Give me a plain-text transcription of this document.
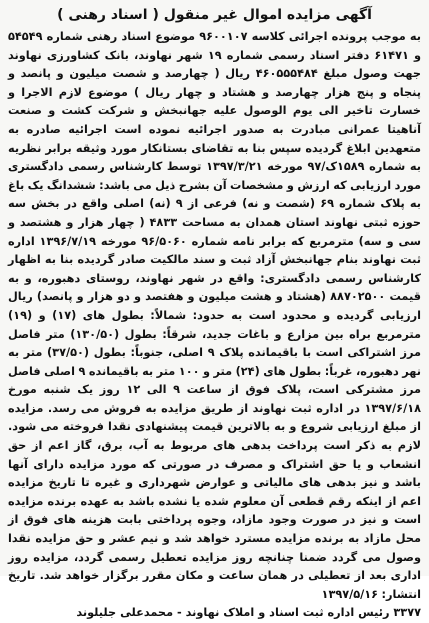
آگهی مزایده اموال غیر منقول ( اسناد رهنی )

به موجب پرونده اجرائی کلاسه ۹۶۰۰۱۰۷ موضوع اسناد رهنی شماره ۵۴۵۴۹ و ۶۱۴۷۱ دفتر اسناد رسمی شماره ۱۹ شهر نهاوند، بانک کشاورزی نهاوند جهت وصول مبلغ ۴۶۰۵۵۵۴۸۴ ریال ( چهارصد و شصت میلیون و پانصد و پنجاه و پنج هزار چهارصد و هشتاد و چهار ریال ) موضوع لازم الاجرا و خسارت تاخیر الی یوم الوصول علیه جهانبخش و شرکت کشت و صنعت آناهیتا عمرانی مبادرت به صدور اجرائیه نموده است اجرائیه صادره به متعهدین ابلاغ گردیده سپس بنا به تقاضای بستانکار مورد وثیقه برابر نظریه به شماره ۱۵۸۹ک/۹۷ مورخه ۱۳۹۷/۳/۲۱ توسط کارشناس رسمی دادگستری مورد ارزیابی که ارزش و مشخصات آن بشرح ذیل می باشد: ششدانگ یک باغ به پلاک شماره ۶۹ (شصت و نه) فرعی از ۹ (نه) اصلی واقع در بخش سه حوزه ثبتی نهاوند استان همدان به مساحت ۴۸۳۳ ( چهار هزار و هشتصد و سی و سه) مترمربع که برابر نامه شماره ۹۶/۵۰۶۰ مورخه ۱۳۹۶/۷/۱۹ اداره ثبت نهاوند بنام جهانبخش آزاد ثبت و سند مالکیت صادر گردیده بنا به اظهار کارشناس رسمی دادگستری: واقع در شهر نهاوند، روستای دهبوره، و به قیمت ۸۸۷۰۲۵۰۰ (هشتاد و هشت میلیون و هفتصد و دو هزار و پانصد) ریال ارزیابی گردیده و محدود است به حدود: شمالاً: بطول های (۱۷) و (۱۹) مترمربع براه بین مزارع و باغات جدید، شرقاً: بطول (۱۳۰/۵۰) متر فاصل مرز اشتراکی است با باقیمانده پلاک ۹ اصلی، جنوباً: بطول (۳۷/۵۰) متر به نهر دهبوره، غرباً: بطول های (۲۴) متر و ۱۰۰ متر به باقیمانده ۹ اصلی فاصل مرز مشترکی است، پلاک فوق از ساعت ۹ الی ۱۲ روز یک شنبه مورخ ۱۳۹۷/۶/۱۸ در اداره ثبت نهاوند از طریق مزایده به فروش می رسد. مزایده از مبلغ ارزیابی شروع و به بالاترین قیمت پیشنهادی نقدا فروخته می شود. لازم به ذکر است پرداخت بدهی های مربوط به آب، برق، گاز اعم از حق انشعاب و یا حق اشتراک و مصرف در صورتی که مورد مزایده دارای آنها باشد و نیز بدهی های مالیاتی و عوارض شهرداری و غیره تا تاریخ مزایده اعم از اینکه رقم قطعی آن معلوم شده یا نشده باشد به عهده برنده مزایده است و نیز در صورت وجود مازاد، وجوه پرداختی بابت هزینه های فوق از محل مازاد به برنده مزایده مسترد خواهد شد و نیم عشر و حق مزایده نقدا وصول می گردد ضمنا چنانچه روز مزایده تعطیل رسمی گردد، مزایده روز اداری بعد از تعطیلی در همان ساعت و مکان مقرر برگزار خواهد شد. تاریخ انتشار: ۱۳۹۷/۵/۱۶

۳۳۷۷ رئیس اداره ثبت اسناد و املاک نهاوند - محمدعلی جلیلوند
